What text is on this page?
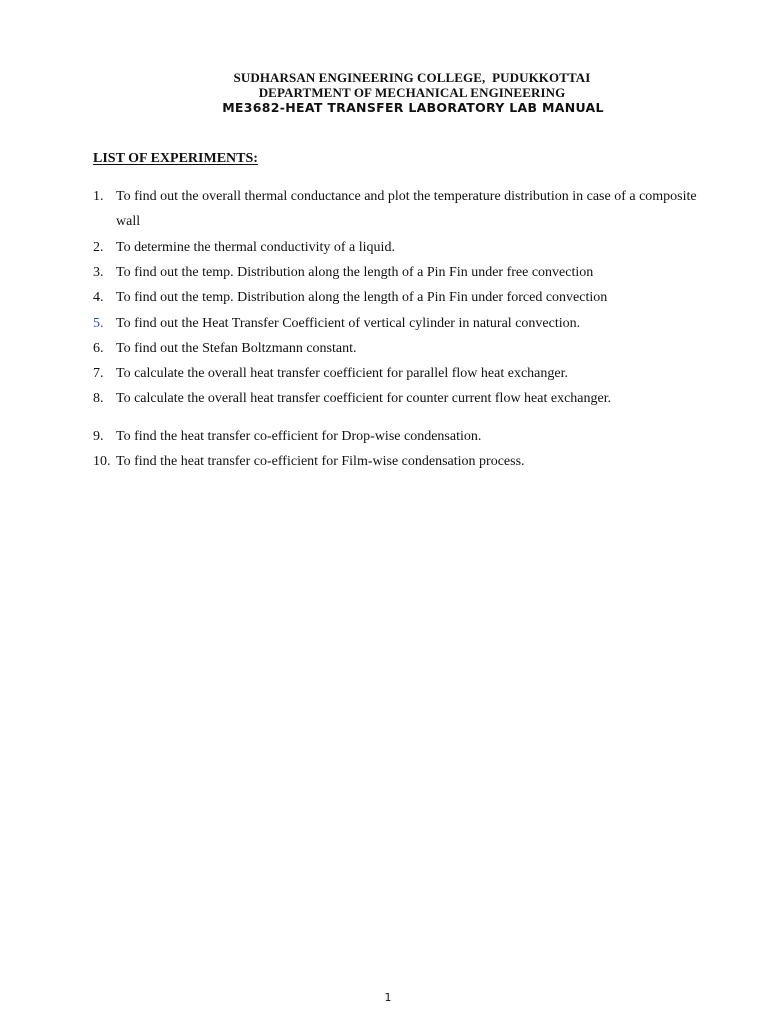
SUDHARSAN ENGINEERING COLLEGE,  PUDUKKOTTAI
DEPARTMENT OF MECHANICAL ENGINEERING
ME3682-HEAT TRANSFER LABORATORY LAB MANUAL
LIST OF EXPERIMENTS:
1. To find out the overall thermal conductance and plot the temperature distribution in case of a composite wall
2. To determine the thermal conductivity of a liquid.
3. To find out the temp. Distribution along the length of a Pin Fin under free convection
4. To find out the temp. Distribution along the length of a Pin Fin under forced convection
5. To find out the Heat Transfer Coefficient of vertical cylinder in natural convection.
6. To find out the Stefan Boltzmann constant.
7. To calculate the overall heat transfer coefficient for parallel flow heat exchanger.
8. To calculate the overall heat transfer coefficient for counter current flow heat exchanger.
9. To find the heat transfer co-efficient for Drop-wise condensation.
10. To find the heat transfer co-efficient for Film-wise condensation process.
1
